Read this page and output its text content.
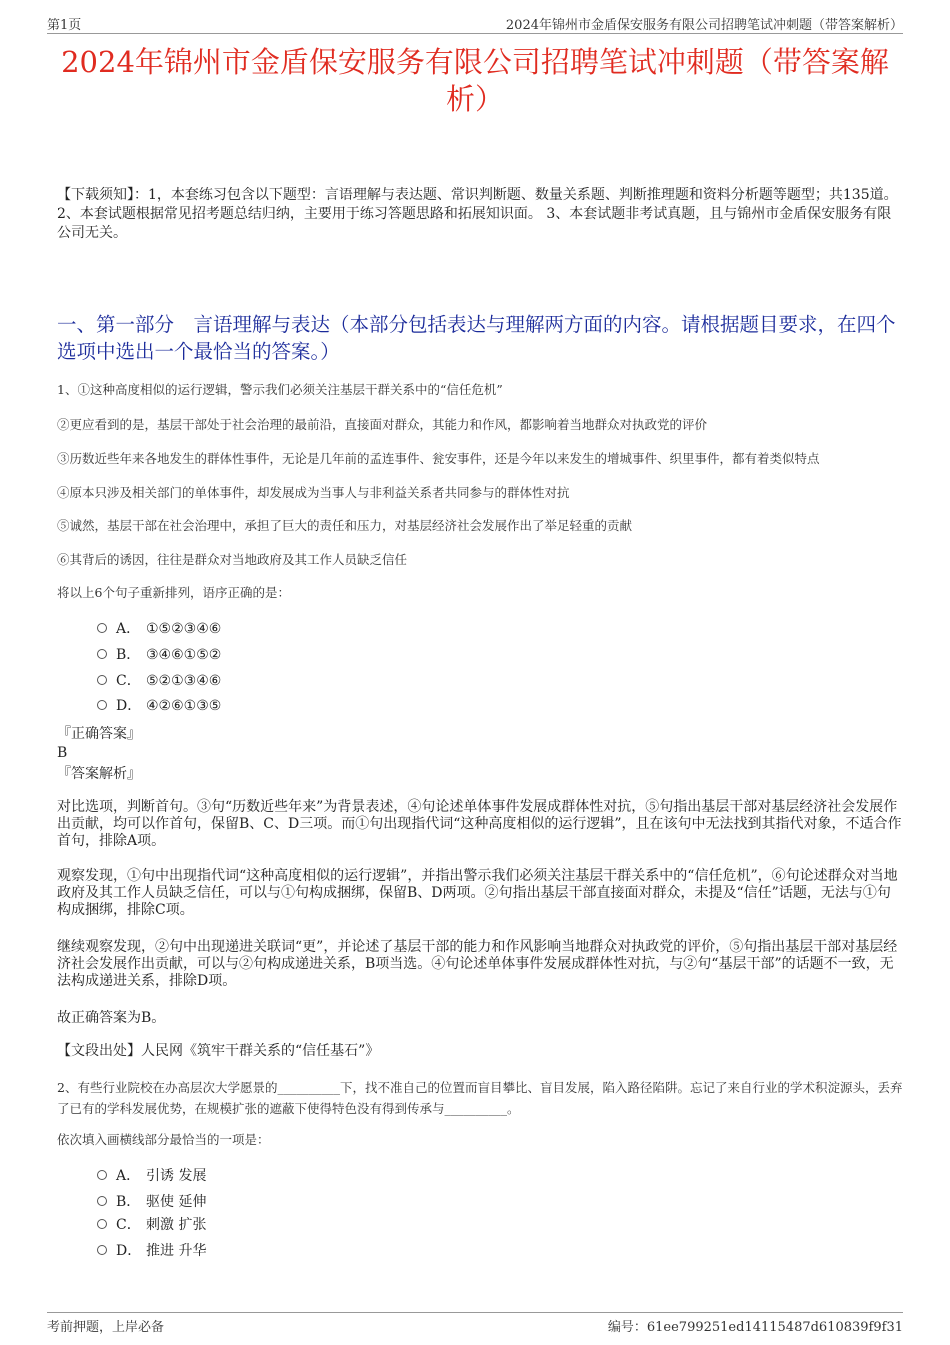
第1页	2024年锦州市金盾保安服务有限公司招聘笔试冲刺题（带答案解析）
2024年锦州市金盾保安服务有限公司招聘笔试冲刺题（带答案解析）
【下载须知】：1，本套练习包含以下题型：言语理解与表达题、常识判断题、数量关系题、判断推理题和资料分析题等题型；共135道。 2、本套试题根据常见招考题总结归纳，主要用于练习答题思路和拓展知识面。 3、本套试题非考试真题，且与锦州市金盾保安服务有限公司无关。
一、第一部分　言语理解与表达（本部分包括表达与理解两方面的内容。请根据题目要求，在四个选项中选出一个最恰当的答案。）
1、①这种高度相似的运行逻辑，警示我们必须关注基层干群关系中的“信任危机”
②更应看到的是，基层干部处于社会治理的最前沿，直接面对群众，其能力和作风，都影响着当地群众对执政党的评价
③历数近些年来各地发生的群体性事件，无论是几年前的孟连事件、瓮安事件，还是今年以来发生的增城事件、织里事件，都有着类似特点
④原本只涉及相关部门的单体事件，却发展成为当事人与非利益关系者共同参与的群体性对抗
⑤诚然，基层干部在社会治理中，承担了巨大的责任和压力，对基层经济社会发展作出了举足轻重的贡献
⑥其背后的诱因，往往是群众对当地政府及其工作人员缺乏信任
将以上6个句子重新排列，语序正确的是：
A． ①⑤②③④⑥
B． ③④⑥①⑤②
C． ⑤②①③④⑥
D． ④②⑥①③⑤
『正确答案』
B
『答案解析』
对比选项，判断首句。③句“历数近些年来”为背景表述，④句论述单体事件发展成群体性对抗，⑤句指出基层干部对基层经济社会发展作出贡献，均可以作首句，保留B、C、D三项。而①句出现指代词“这种高度相似的运行逻辑”，且在该句中无法找到其指代对象，不适合作首句，排除A项。
观察发现，①句中出现指代词“这种高度相似的运行逻辑”，并指出警示我们必须关注基层干群关系中的“信任危机”，⑥句论述群众对当地政府及其工作人员缺乏信任，可以与①句构成捆绑，保留B、D两项。②句指出基层干部直接面对群众，未提及“信任”话题，无法与①句构成捆绑，排除C项。
继续观察发现，②句中出现递进关联词“更”，并论述了基层干部的能力和作风影响当地群众对执政党的评价，⑤句指出基层干部对基层经济社会发展作出贡献，可以与②句构成递进关系，B项当选。④句论述单体事件发展成群体性对抗，与②句“基层干部”的话题不一致，无法构成递进关系，排除D项。
故正确答案为B。
【文段出处】人民网《筑牢干群关系的“信任基石”》
2、有些行业院校在办高层次大学愿景的__________下，找不准自己的位置而盲目攀比、盲目发展，陷入路径陷阱。忘记了来自行业的学术积淀源头，丢弃了已有的学科发展优势，在规模扩张的遮蔽下使得特色没有得到传承与__________。
依次填入画横线部分最恰当的一项是：
A． 引诱 发展
B． 驱使 延伸
C． 刺激 扩张
D． 推进 升华
考前押题，上岸必备	编号：61ee799251ed14115487d610839f9f31
